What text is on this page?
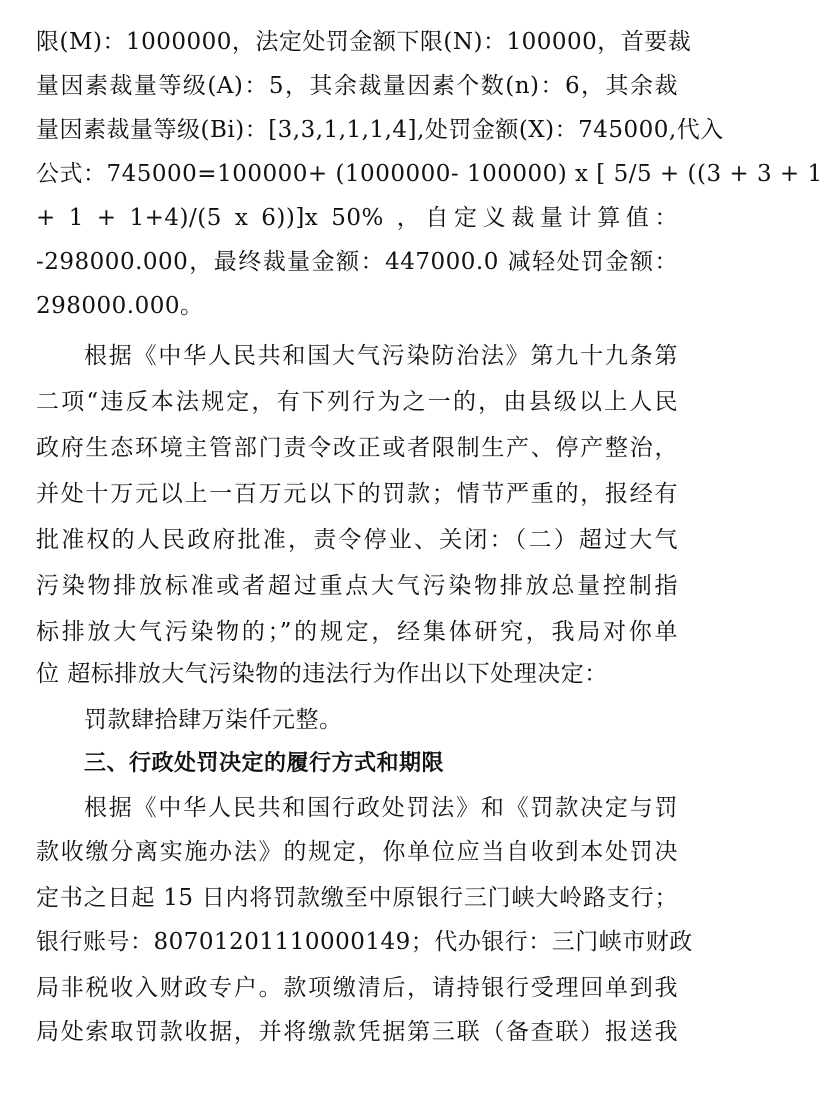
限(M)：1000000，法定处罚金额下限(N)：100000，首要裁
量因素裁量等级(A)：5，其余裁量因素个数(n)：6，其余裁
量因素裁量等级(Bi)：[3,3,1,1,1,4],处罚金额(X)：745000,代入
公式：745000=100000+ (1000000- 100000) x [ 5/5 + ((3 + 3 + 1
+ 1 + 1+4)/(5 x 6))]x 50% ，自定义裁量计算值：
-298000.000，最终裁量金额：447000.0 减轻处罚金额：
298000.000。
根据《中华人民共和国大气污染防治法》第九十九条第
二项“违反本法规定，有下列行为之一的，由县级以上人民
政府生态环境主管部门责令改正或者限制生产、停产整治，
并处十万元以上一百万元以下的罚款；情节严重的，报经有
批准权的人民政府批准，责令停业、关闭：（二）超过大气
污染物排放标准或者超过重点大气污染物排放总量控制指
标排放大气污染物的；”的规定，经集体研究，我局对你单
位 超标排放大气污染物的违法行为作出以下处理决定：
罚款肆拾肆万柒仟元整。
三、行政处罚决定的履行方式和期限
根据《中华人民共和国行政处罚法》和《罚款决定与罚
款收缴分离实施办法》的规定，你单位应当自收到本处罚决
定书之日起 15 日内将罚款缴至中原银行三门峡大岭路支行；
银行账号：80701201110000149；代办银行：三门峡市财政
局非税收入财政专户。款项缴清后，请持银行受理回单到我
局处索取罚款收据，并将缴款凭据第三联（备查联）报送我
